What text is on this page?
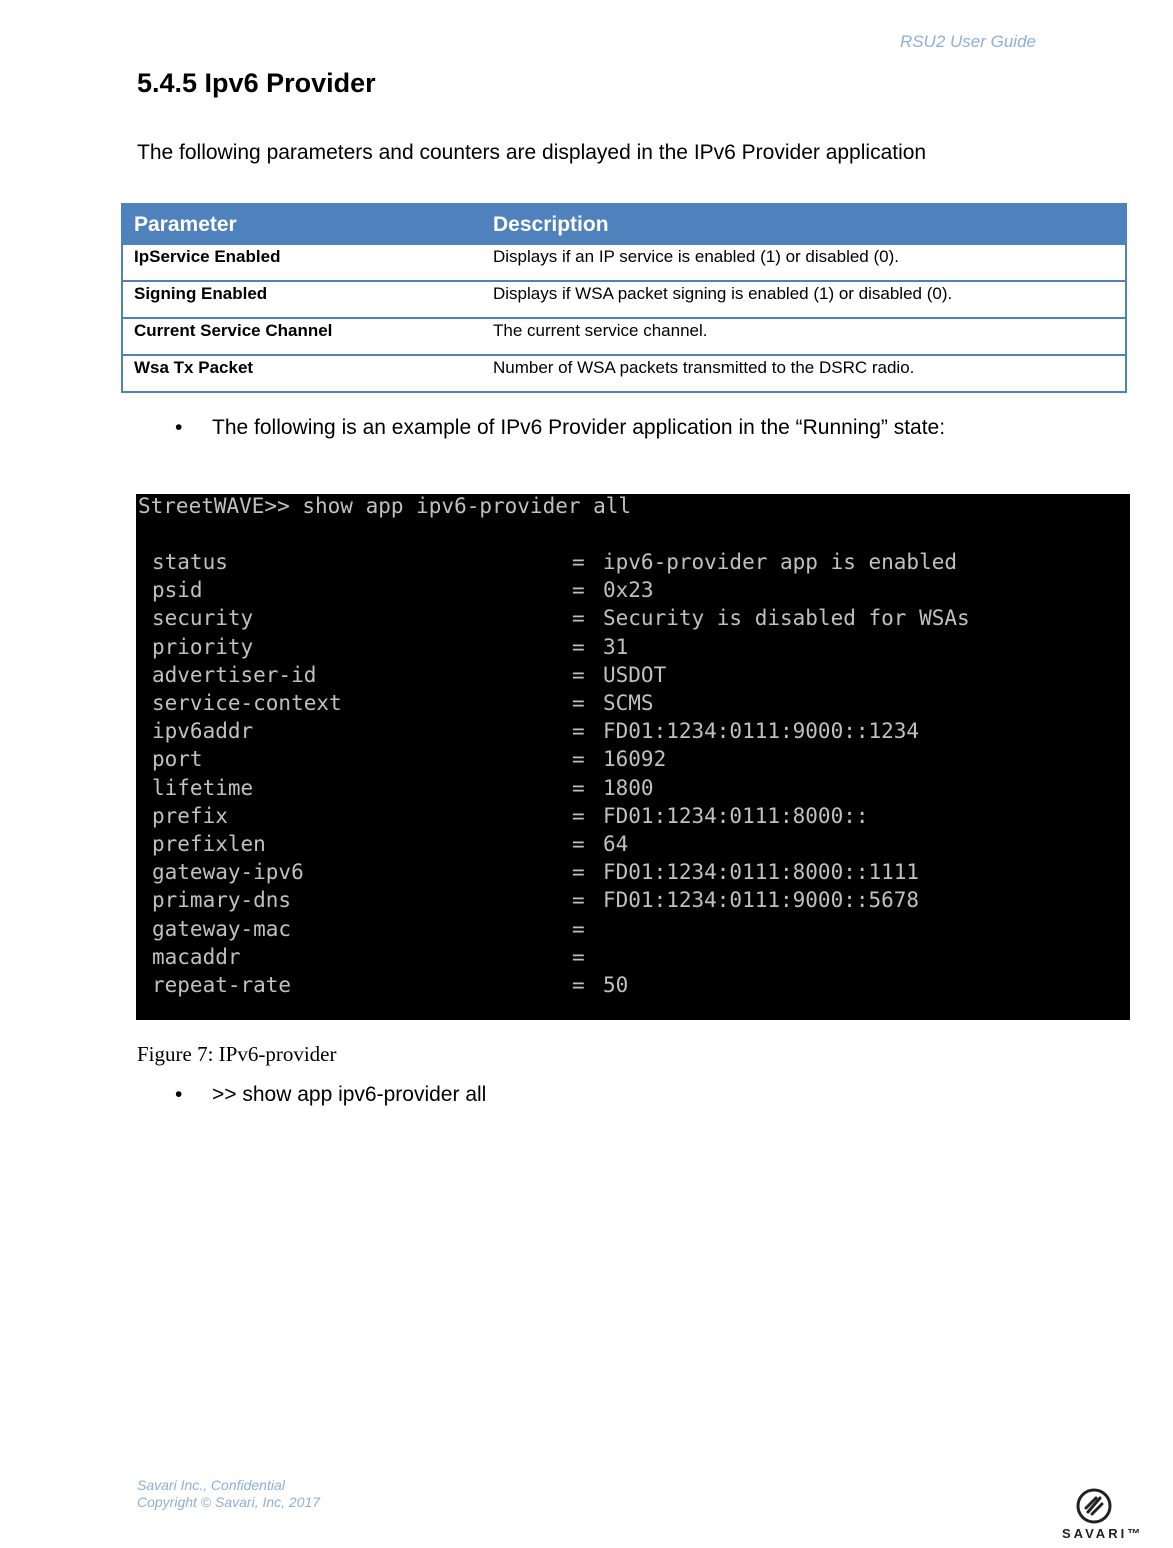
RSU2 User Guide
5.4.5 Ipv6 Provider
The following parameters and counters are displayed in the IPv6 Provider application
Parameter	Description
IpService Enabled	Displays if an IP service is enabled (1) or disabled (0).
Signing Enabled	Displays if WSA packet signing is enabled (1) or disabled (0).
Current Service Channel	The current service channel.
Wsa Tx Packet	Number of WSA packets transmitted to the DSRC radio.
• The following is an example of IPv6 Provider application in the “Running” state:
StreetWAVE>> show app ipv6-provider all
status	= ipv6-provider app is enabled
psid	= 0x23
security	= Security is disabled for WSAs
priority	= 31
advertiser-id	= USDOT
service-context	= SCMS
ipv6addr	= FD01:1234:0111:9000::1234
port	= 16092
lifetime	= 1800
prefix	= FD01:1234:0111:8000::
prefixlen	= 64
gateway-ipv6	= FD01:1234:0111:8000::1111
primary-dns	= FD01:1234:0111:9000::5678
gateway-mac	=
macaddr	=
repeat-rate	= 50
Figure 7: IPv6-provider
• >> show app ipv6-provider all
Savari Inc., Confidential
Copyright © Savari, Inc, 2017
SAVARI™
